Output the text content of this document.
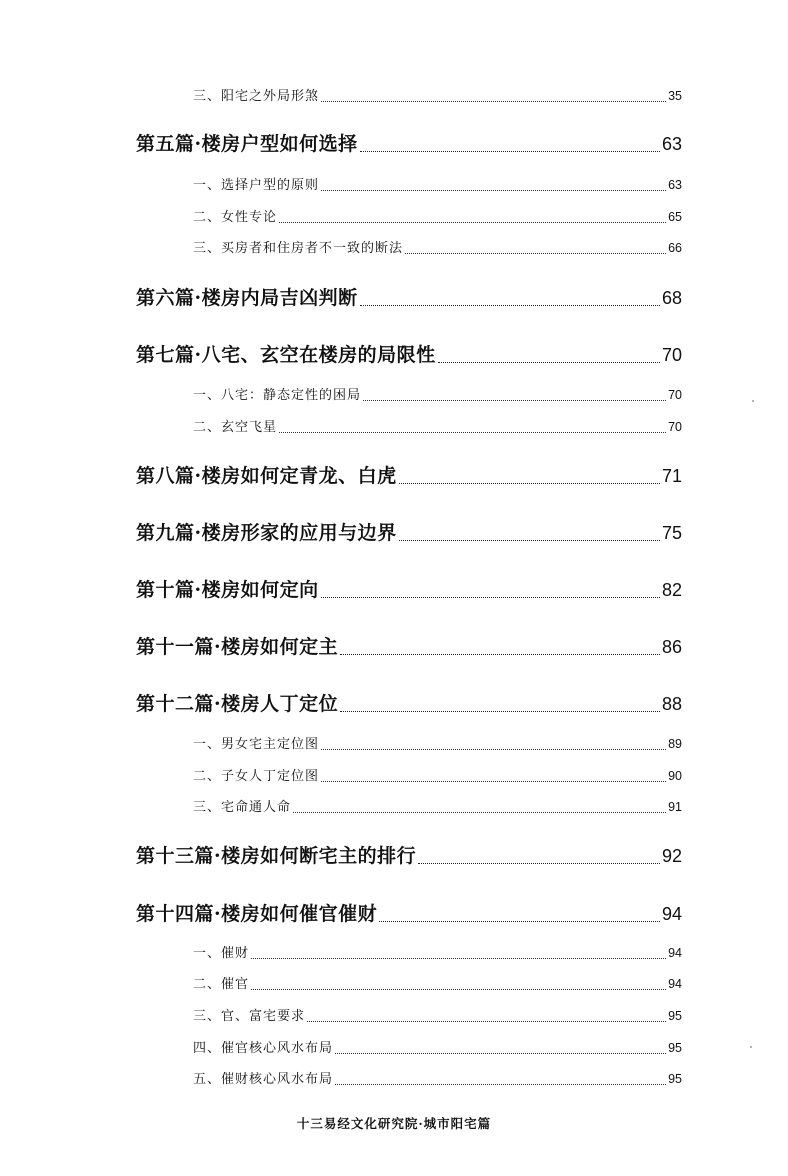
三、阳宅之外局形煞	35
第五篇·楼房户型如何选择	63
一、选择户型的原则	63
二、女性专论	65
三、买房者和住房者不一致的断法	66
第六篇·楼房内局吉凶判断	68
第七篇·八宅、玄空在楼房的局限性	70
一、八宅：静态定性的困局	70
二、玄空飞星	70
第八篇·楼房如何定青龙、白虎	71
第九篇·楼房形家的应用与边界	75
第十篇·楼房如何定向	82
第十一篇·楼房如何定主	86
第十二篇·楼房人丁定位	88
一、男女宅主定位图	89
二、子女人丁定位图	90
三、宅命通人命	91
第十三篇·楼房如何断宅主的排行	92
第十四篇·楼房如何催官催财	94
一、催财	94
二、催官	94
三、官、富宅要求	95
四、催官核心风水布局	95
五、催财核心风水布局	95
十三易经文化研究院·城市阳宅篇
